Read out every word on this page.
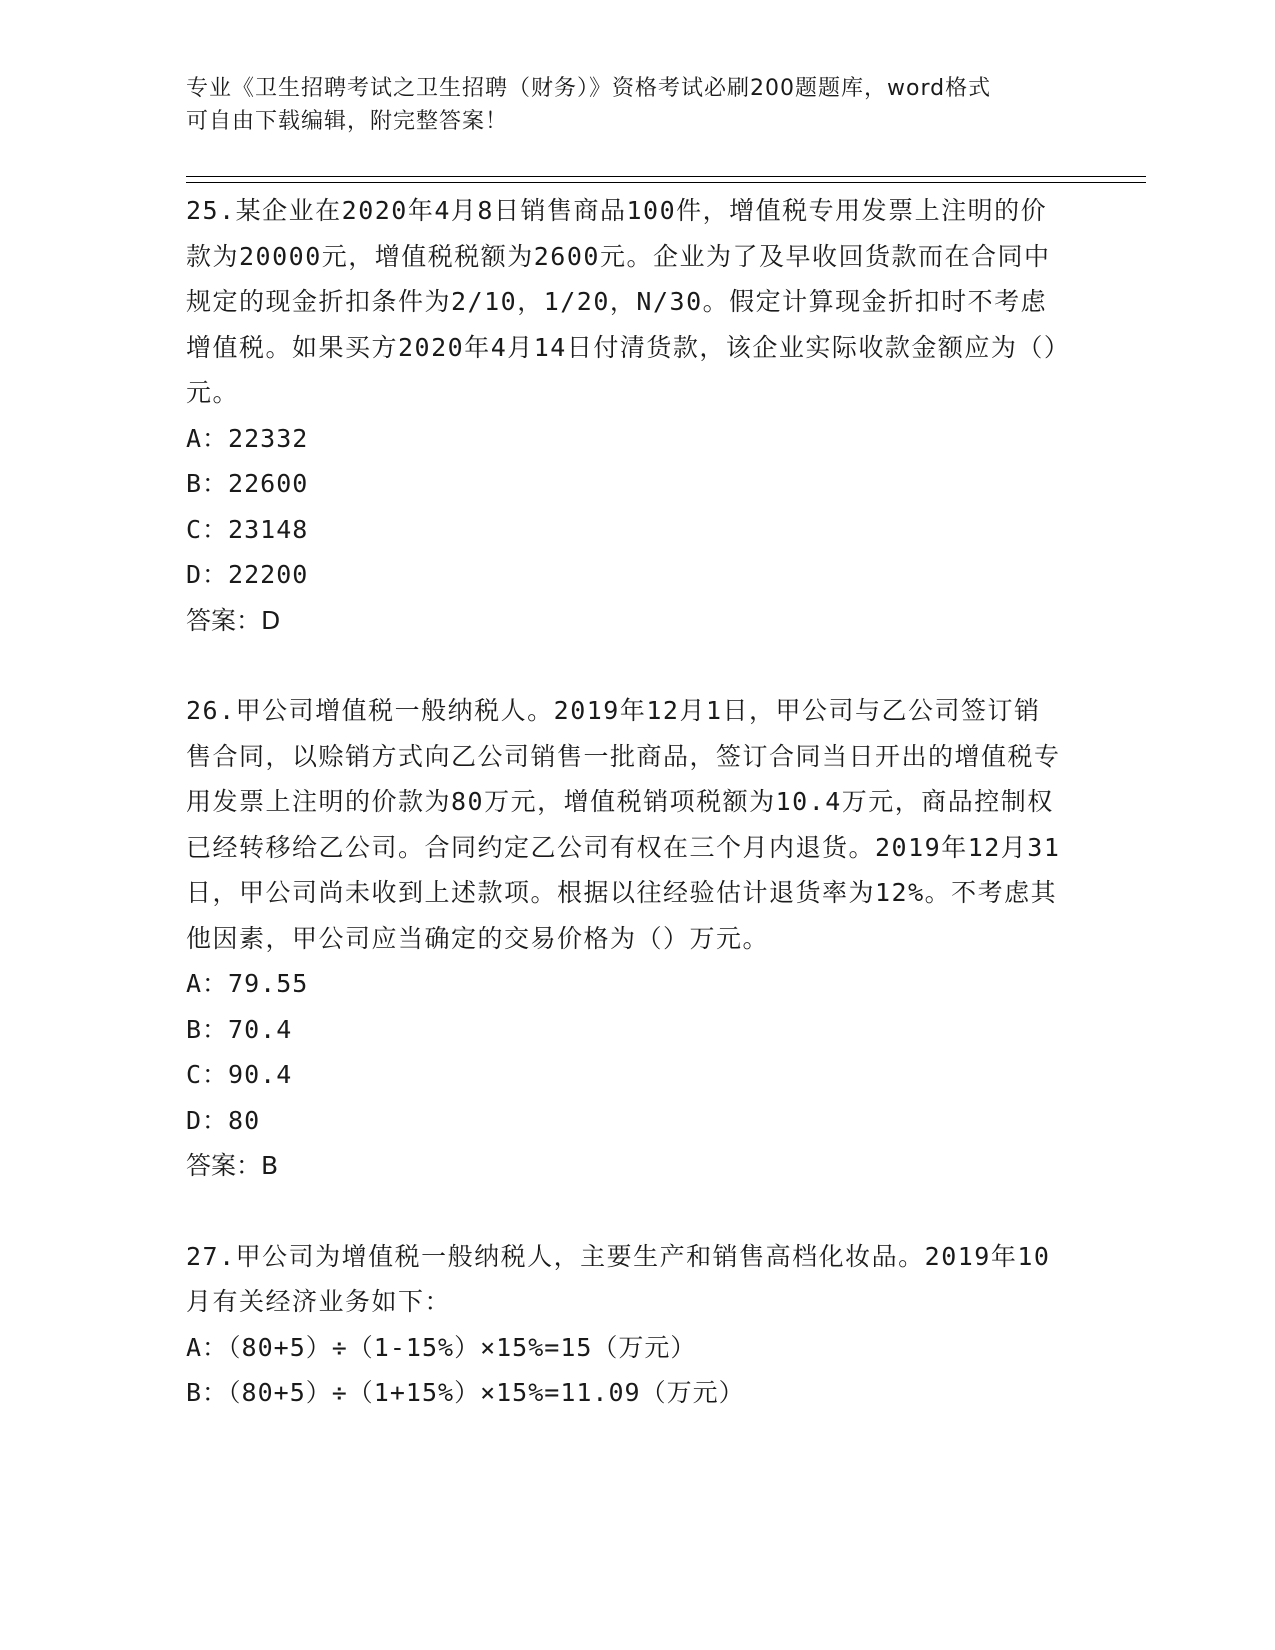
专业《卫生招聘考试之卫生招聘（财务）》资格考试必刷200题题库，word格式
可自由下载编辑，附完整答案！
25.某企业在2020年4月8日销售商品100件，增值税专用发票上注明的价款为20000元，增值税税额为2600元。企业为了及早收回货款而在合同中规定的现金折扣条件为2/10，1/20，N/30。假定计算现金折扣时不考虑增值税。如果买方2020年4月14日付清货款，该企业实际收款金额应为（）元。
A：22332
B：22600
C：23148
D：22200
答案：D
26.甲公司增值税一般纳税人。2019年12月1日，甲公司与乙公司签订销售合同，以赊销方式向乙公司销售一批商品，签订合同当日开出的增值税专用发票上注明的价款为80万元，增值税销项税额为10.4万元，商品控制权已经转移给乙公司。合同约定乙公司有权在三个月内退货。2019年12月31日，甲公司尚未收到上述款项。根据以往经验估计退货率为12%。不考虑其他因素，甲公司应当确定的交易价格为（）万元。
A：79.55
B：70.4
C：90.4
D：80
答案：B
27.甲公司为增值税一般纳税人，主要生产和销售高档化妆品。2019年10月有关经济业务如下：
A：（80+5）÷（1-15%）×15%=15（万元）
B：（80+5）÷（1+15%）×15%=11.09（万元）
